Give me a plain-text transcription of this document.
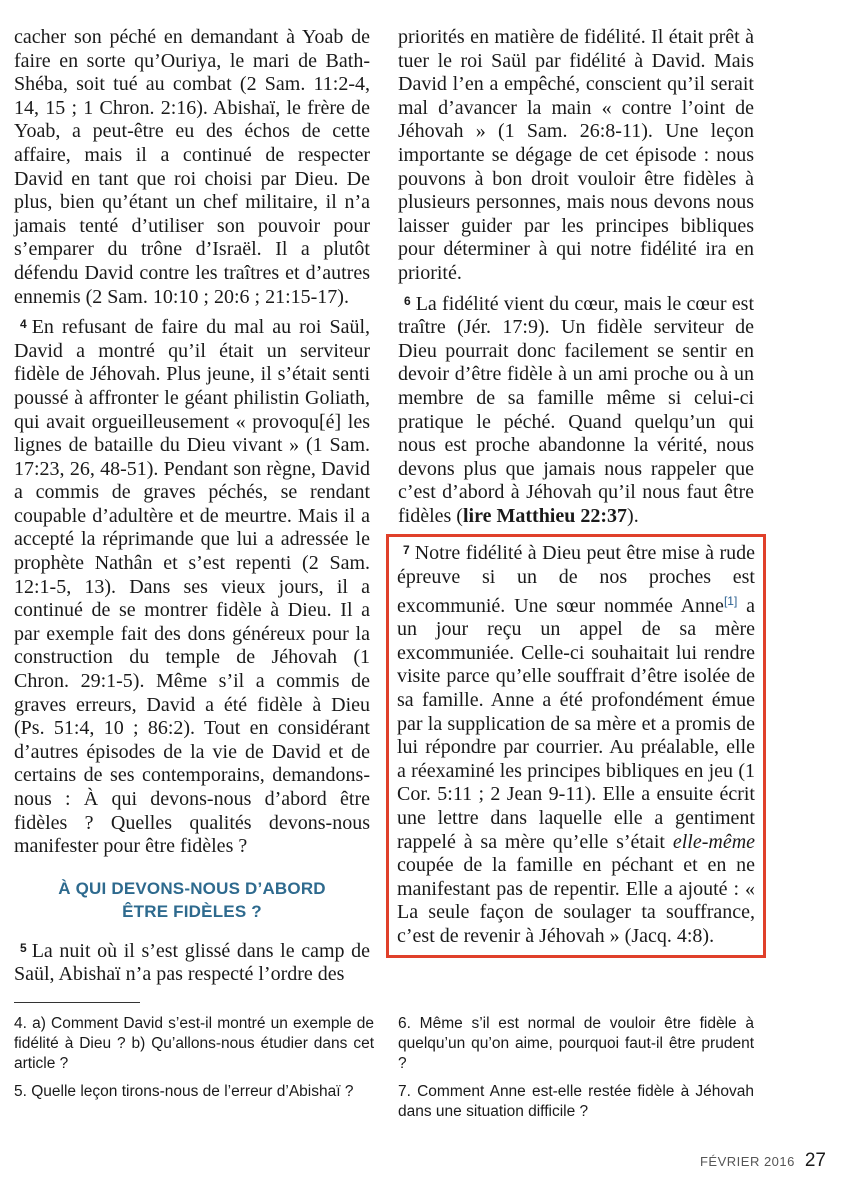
cacher son péché en demandant à Yoab de faire en sorte qu’Ouriya, le mari de Bath-Shéba, soit tué au combat (2 Sam. 11:2-4, 14, 15 ; 1 Chron. 2:16). Abishaï, le frère de Yoab, a peut-être eu des échos de cette affaire, mais il a continué de respecter David en tant que roi choisi par Dieu. De plus, bien qu’étant un chef militaire, il n’a jamais tenté d’utiliser son pouvoir pour s’emparer du trône d’Israël. Il a plutôt défendu David contre les traîtres et d’autres ennemis (2 Sam. 10:10 ; 20:6 ; 21:15-17).

$^4$ En refusant de faire du mal au roi Saül, David a montré qu’il était un serviteur fidèle de Jéhovah. Plus jeune, il s’était senti poussé à affronter le géant philistin Goliath, qui avait orgueilleusement « provoqu[é] les lignes de bataille du Dieu vivant » (1 Sam. 17:23, 26, 48-51). Pendant son règne, David a commis de graves péchés, se rendant coupable d’adultère et de meurtre. Mais il a accepté la réprimande que lui a adressée le prophète Nathân et s’est repenti (2 Sam. 12:1-5, 13). Dans ses vieux jours, il a continué de se montrer fidèle à Dieu. Il a par exemple fait des dons généreux pour la construction du temple de Jéhovah (1 Chron. 29:1-5). Même s’il a commis de graves erreurs, David a été fidèle à Dieu (Ps. 51:4, 10 ; 86:2). Tout en considérant d’autres épisodes de la vie de David et de certains de ses contemporains, demandons-nous : À qui devons-nous d’abord être fidèles ? Quelles qualités devons-nous manifester pour être fidèles ?

À QUI DEVONS-NOUS D’ABORD
ÊTRE FIDÈLES ?

$^5$ La nuit où il s’est glissé dans le camp de Saül, Abishaï n’a pas respecté l’ordre des

priorités en matière de fidélité. Il était prêt à tuer le roi Saül par fidélité à David. Mais David l’en a empêché, conscient qu’il serait mal d’avancer la main « contre l’oint de Jéhovah » (1 Sam. 26:8-11). Une leçon importante se dégage de cet épisode : nous pouvons à bon droit vouloir être fidèles à plusieurs personnes, mais nous devons nous laisser guider par les principes bibliques pour déterminer à qui notre fidélité ira en priorité.

$^6$ La fidélité vient du cœur, mais le cœur est traître (Jér. 17:9). Un fidèle serviteur de Dieu pourrait donc facilement se sentir en devoir d’être fidèle à un ami proche ou à un membre de sa famille même si celui-ci pratique le péché. Quand quelqu’un qui nous est proche abandonne la vérité, nous devons plus que jamais nous rappeler que c’est d’abord à Jéhovah qu’il nous faut être fidèles (lire Matthieu 22:37).

$^7$ Notre fidélité à Dieu peut être mise à rude épreuve si un de nos proches est excommunié. Une sœur nommée Anne[1] a un jour reçu un appel de sa mère excommuniée. Celle-ci souhaitait lui rendre visite parce qu’elle souffrait d’être isolée de sa famille. Anne a été profondément émue par la supplication de sa mère et a promis de lui répondre par courrier. Au préalable, elle a réexaminé les principes bibliques en jeu (1 Cor. 5:11 ; 2 Jean 9-11). Elle a ensuite écrit une lettre dans laquelle elle a gentiment rappelé à sa mère qu’elle s’était elle-même coupée de la famille en péchant et en ne manifestant pas de repentir. Elle a ajouté : « La seule façon de soulager ta souffrance, c’est de revenir à Jéhovah » (Jacq. 4:8).

4. a) Comment David s’est-il montré un exemple de fidélité à Dieu ? b) Qu’allons-nous étudier dans cet article ?

5. Quelle leçon tirons-nous de l’erreur d’Abishaï ?

6. Même s’il est normal de vouloir être fidèle à quelqu’un qu’on aime, pourquoi faut-il être prudent ?

7. Comment Anne est-elle restée fidèle à Jéhovah dans une situation difficile ?

FÉVRIER 2016 27
